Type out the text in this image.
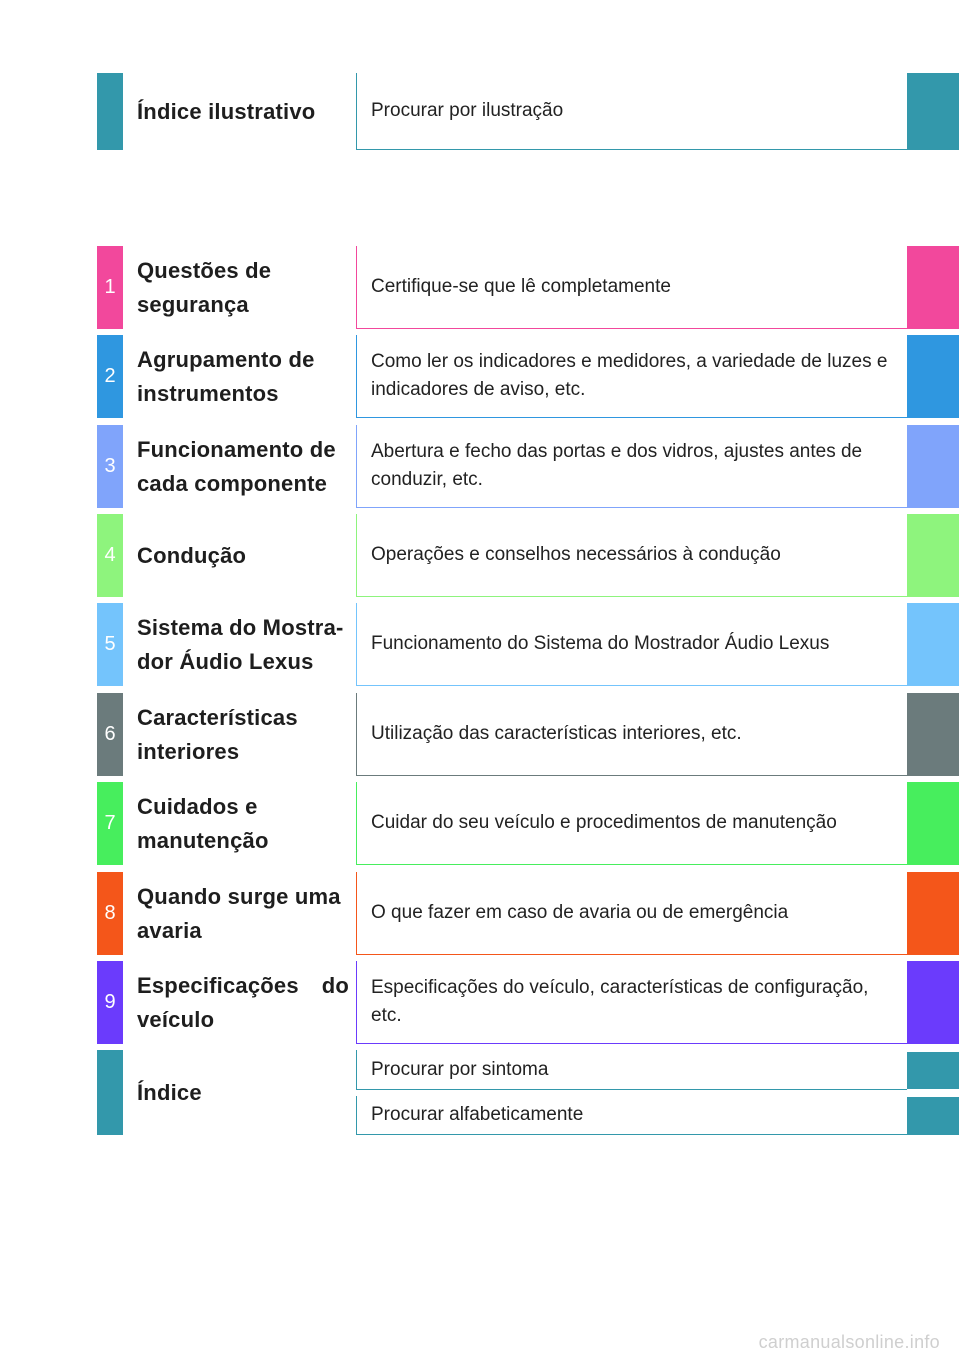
Índice ilustrativo	Procurar por ilustração
1
Questões de segurança
Certifique-se que lê completamente
2
Agrupamento de instrumentos
Como ler os indicadores e medidores, a variedade de luzes e indicadores de aviso, etc.
3
Funcionamento de cada componente
Abertura e fecho das portas e dos vidros, ajustes antes de conduzir, etc.
4 Condução	Operações e conselhos necessários à condução
5
Sistema do Mostra-dor Áudio Lexus
Funcionamento do Sistema do Mostrador Áudio Lexus
6
Características interiores
Utilização das características interiores, etc.
7
Cuidados e manutenção
Cuidar do seu veículo e procedimentos de manutenção
8
Quando surge uma avaria
O que fazer em caso de avaria ou de emergência
9
Especificações do veículo
Especificações do veículo, características de configuração, etc.
Índice
Procurar por sintoma
Procurar alfabeticamente
carmanualsonline.info
